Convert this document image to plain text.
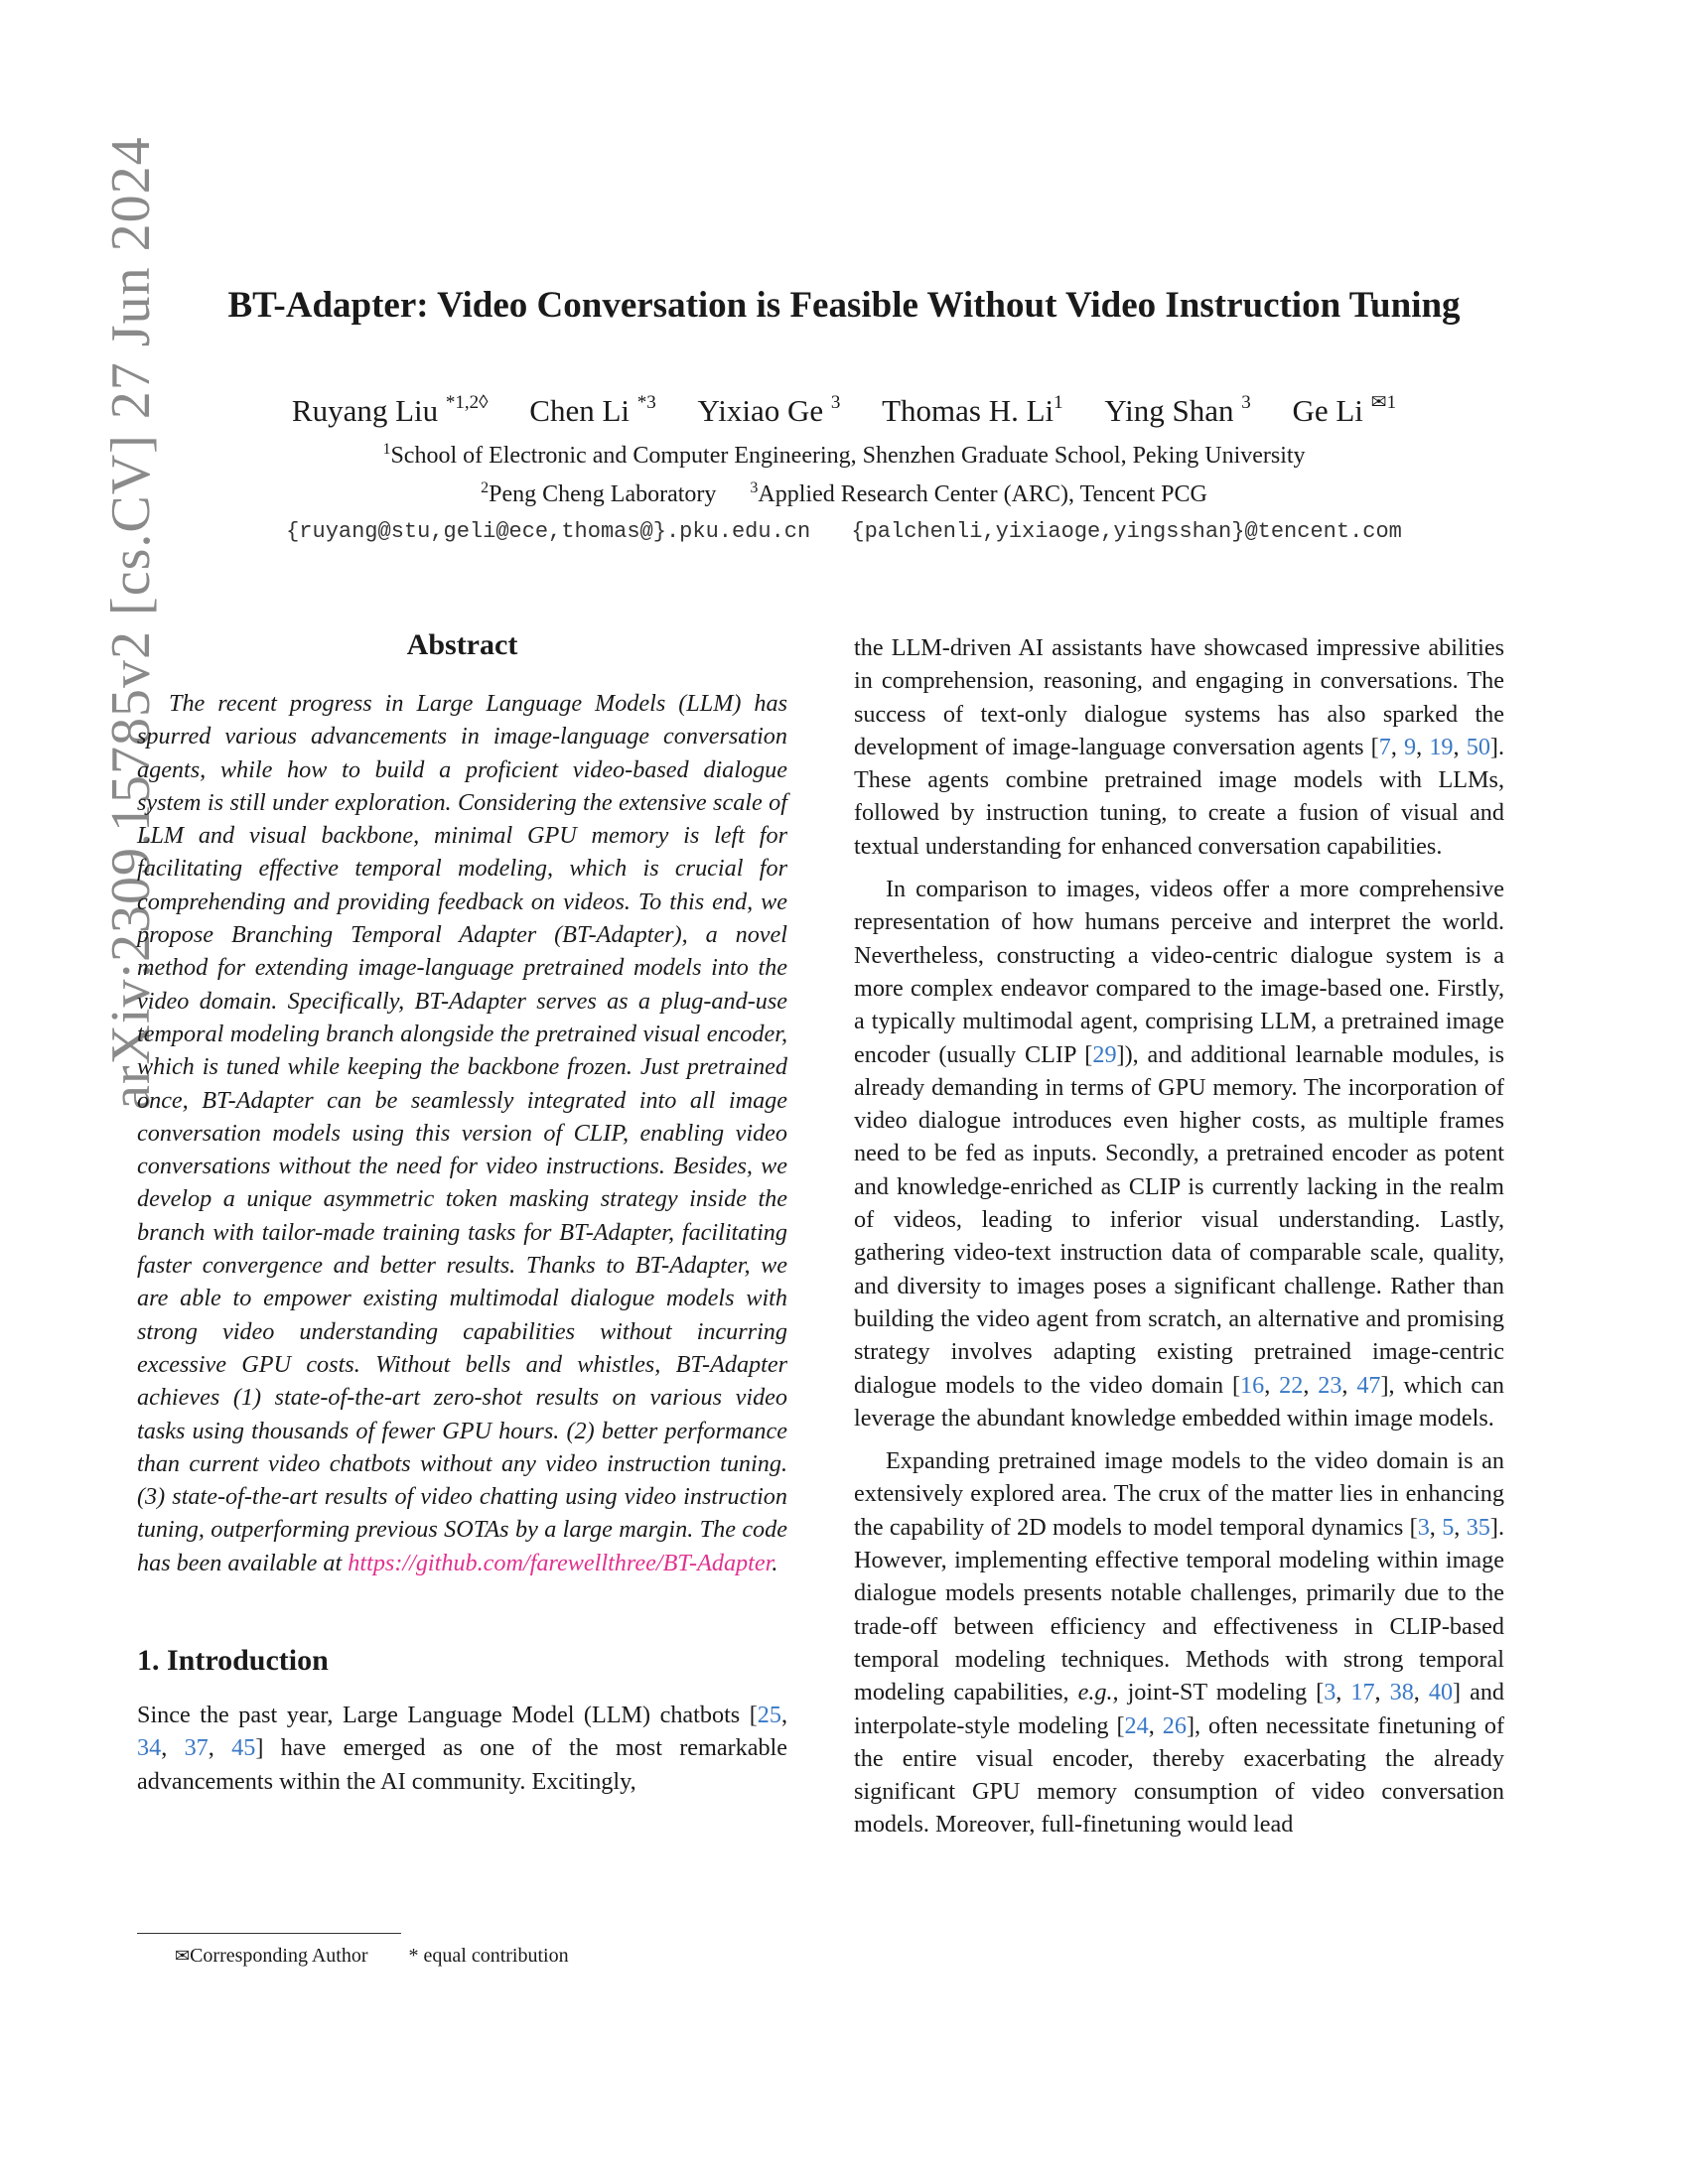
arXiv:2309.15785v2 [cs.CV] 27 Jun 2024	BT-Adapter: Video Conversation is Feasible Without Video Instruction Tuning
Ruyang Liu $^{*1,2◊}$ Chen Li $^{*3}$ Yixiao Ge $^3$ Thomas H. Li$^1$ Ying Shan $^3$ Ge Li $^{✉1}$
$^1$School of Electronic and Computer Engineering, Shenzhen Graduate School, Peking University
$^2$Peng Cheng Laboratory $^3$Applied Research Center (ARC), Tencent PCG
{ruyang@stu,geli@ece,thomas@}.pku.edu.cn {palchenli,yixiaoge,yingsshan}@tencent.com
Abstract

The recent progress in Large Language Models (LLM) has spurred various advancements in image-language conversation agents, while how to build a proficient video-based dialogue system is still under exploration. Considering the extensive scale of LLM and visual backbone, minimal GPU memory is left for facilitating effective temporal modeling, which is crucial for comprehending and providing feedback on videos. To this end, we propose Branching Temporal Adapter (BT-Adapter), a novel method for extending image-language pretrained models into the video domain. Specifically, BT-Adapter serves as a plug-and-use temporal modeling branch alongside the pretrained visual encoder, which is tuned while keeping the backbone frozen. Just pretrained once, BT-Adapter can be seamlessly integrated into all image conversation models using this version of CLIP, enabling video conversations without the need for video instructions. Besides, we develop a unique asymmetric token masking strategy inside the branch with tailor-made training tasks for BT-Adapter, facilitating faster convergence and better results. Thanks to BT-Adapter, we are able to empower existing multimodal dialogue models with strong video understanding capabilities without incurring excessive GPU costs. Without bells and whistles, BT-Adapter achieves (1) state-of-the-art zero-shot results on various video tasks using thousands of fewer GPU hours. (2) better performance than current video chatbots without any video instruction tuning. (3) state-of-the-art results of video chatting using video instruction tuning, outperforming previous SOTAs by a large margin. The code has been available at https://github.com/farewellthree/BT-Adapter.

1. Introduction

Since the past year, Large Language Model (LLM) chatbots [25, 34, 37, 45] have emerged as one of the most remarkable advancements within the AI community. Excitingly,

the LLM-driven AI assistants have showcased impressive abilities in comprehension, reasoning, and engaging in conversations. The success of text-only dialogue systems has also sparked the development of image-language conversation agents [7, 9, 19, 50]. These agents combine pretrained image models with LLMs, followed by instruction tuning, to create a fusion of visual and textual understanding for enhanced conversation capabilities.

In comparison to images, videos offer a more comprehensive representation of how humans perceive and interpret the world. Nevertheless, constructing a video-centric dialogue system is a more complex endeavor compared to the image-based one. Firstly, a typically multimodal agent, comprising LLM, a pretrained image encoder (usually CLIP [29]), and additional learnable modules, is already demanding in terms of GPU memory. The incorporation of video dialogue introduces even higher costs, as multiple frames need to be fed as inputs. Secondly, a pretrained encoder as potent and knowledge-enriched as CLIP is currently lacking in the realm of videos, leading to inferior visual understanding. Lastly, gathering video-text instruction data of comparable scale, quality, and diversity to images poses a significant challenge. Rather than building the video agent from scratch, an alternative and promising strategy involves adapting existing pretrained image-centric dialogue models to the video domain [16, 22, 23, 47], which can leverage the abundant knowledge embedded within image models.

Expanding pretrained image models to the video domain is an extensively explored area. The crux of the matter lies in enhancing the capability of 2D models to model temporal dynamics [3, 5, 35]. However, implementing effective temporal modeling within image dialogue models presents notable challenges, primarily due to the trade-off between efficiency and effectiveness in CLIP-based temporal modeling techniques. Methods with strong temporal modeling capabilities, e.g., joint-ST modeling [3, 17, 38, 40] and interpolate-style modeling [24, 26], often necessitate finetuning of the entire visual encoder, thereby exacerbating the already significant GPU memory consumption of video conversation models. Moreover, full-finetuning would lead

✉Corresponding Author * equal contribution
